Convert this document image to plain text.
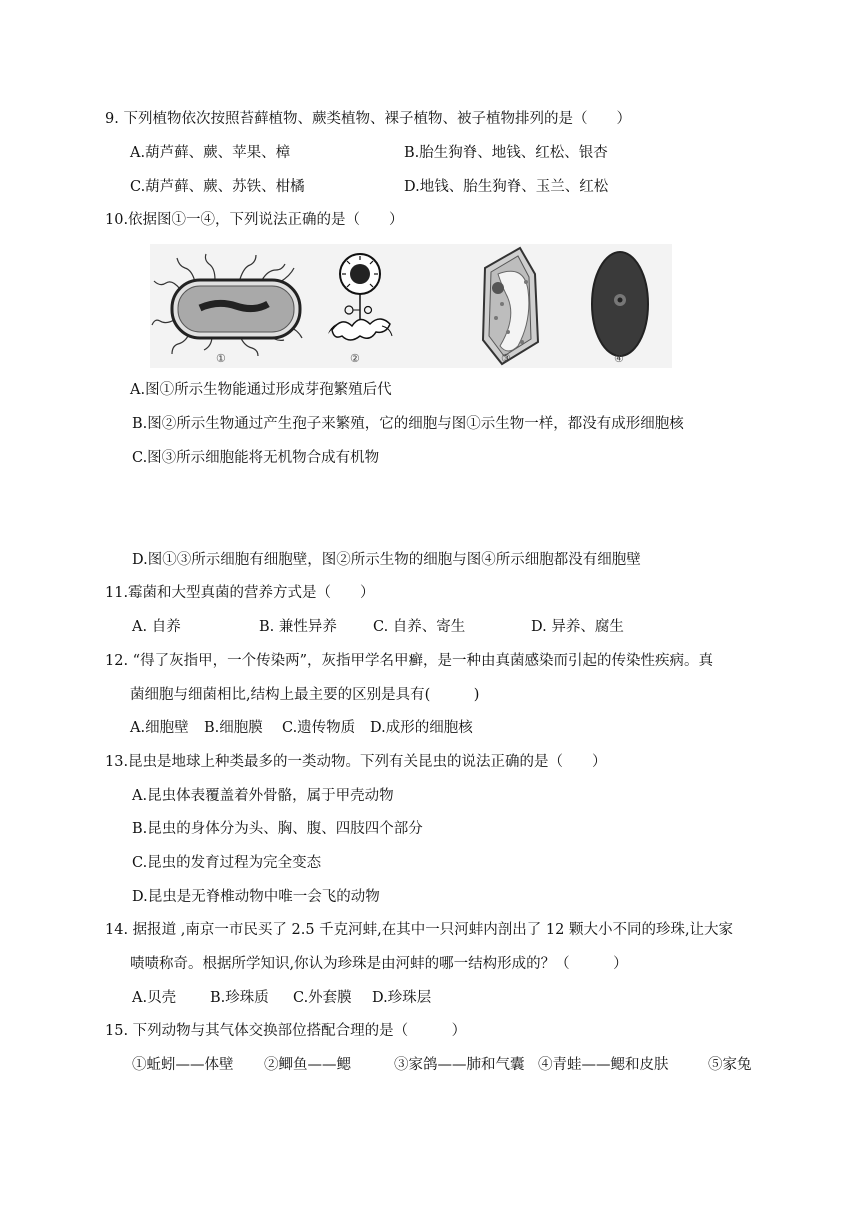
9. 下列植物依次按照苔藓植物、蕨类植物、裸子植物、被子植物排列的是（　　）
A.葫芦藓、蕨、苹果、樟	B.胎生狗脊、地钱、红松、银杏
C.葫芦藓、蕨、苏铁、柑橘	D.地钱、胎生狗脊、玉兰、红松
10.依据图①一④，下列说法正确的是（　　）
①	②	③	④
A.图①所示生物能通过形成芽孢繁殖后代
B.图②所示生物通过产生孢子来繁殖，它的细胞与图①示生物一样，都没有成形细胞核
C.图③所示细胞能将无机物合成有机物
D.图①③所示细胞有细胞壁，图②所示生物的细胞与图④所示细胞都没有细胞壁
11.霉菌和大型真菌的营养方式是（　　）
A. 自养	B. 兼性异养 C. 自养、寄生	D. 异养、腐生
12. “得了灰指甲，一个传染两”，灰指甲学名甲癣，是一种由真菌感染而引起的传染性疾病。真
菌细胞与细菌相比,结构上最主要的区别是具有(　　　)
A.细胞壁 B.细胞膜 C.遗传物质 D.成形的细胞核
13.昆虫是地球上种类最多的一类动物。下列有关昆虫的说法正确的是（　　）
A.昆虫体表覆盖着外骨骼，属于甲壳动物
B.昆虫的身体分为头、胸、腹、四肢四个部分
C.昆虫的发育过程为完全变态
D.昆虫是无脊椎动物中唯一会飞的动物
14. 据报道 ,南京一市民买了 2.5 千克河蚌,在其中一只河蚌内剖出了 12 颗大小不同的珍珠,让大家
啧啧称奇。根据所学知识,你认为珍珠是由河蚌的哪一结构形成的？（　　　）
A.贝壳 B.珍珠质 C.外套膜 D.珍珠层
15. 下列动物与其气体交换部位搭配合理的是（　　　）
①蚯蚓——体壁 ②鲫鱼——鳃	③家鸽——肺和气囊 ④青蛙——鳃和皮肤	⑤家兔
